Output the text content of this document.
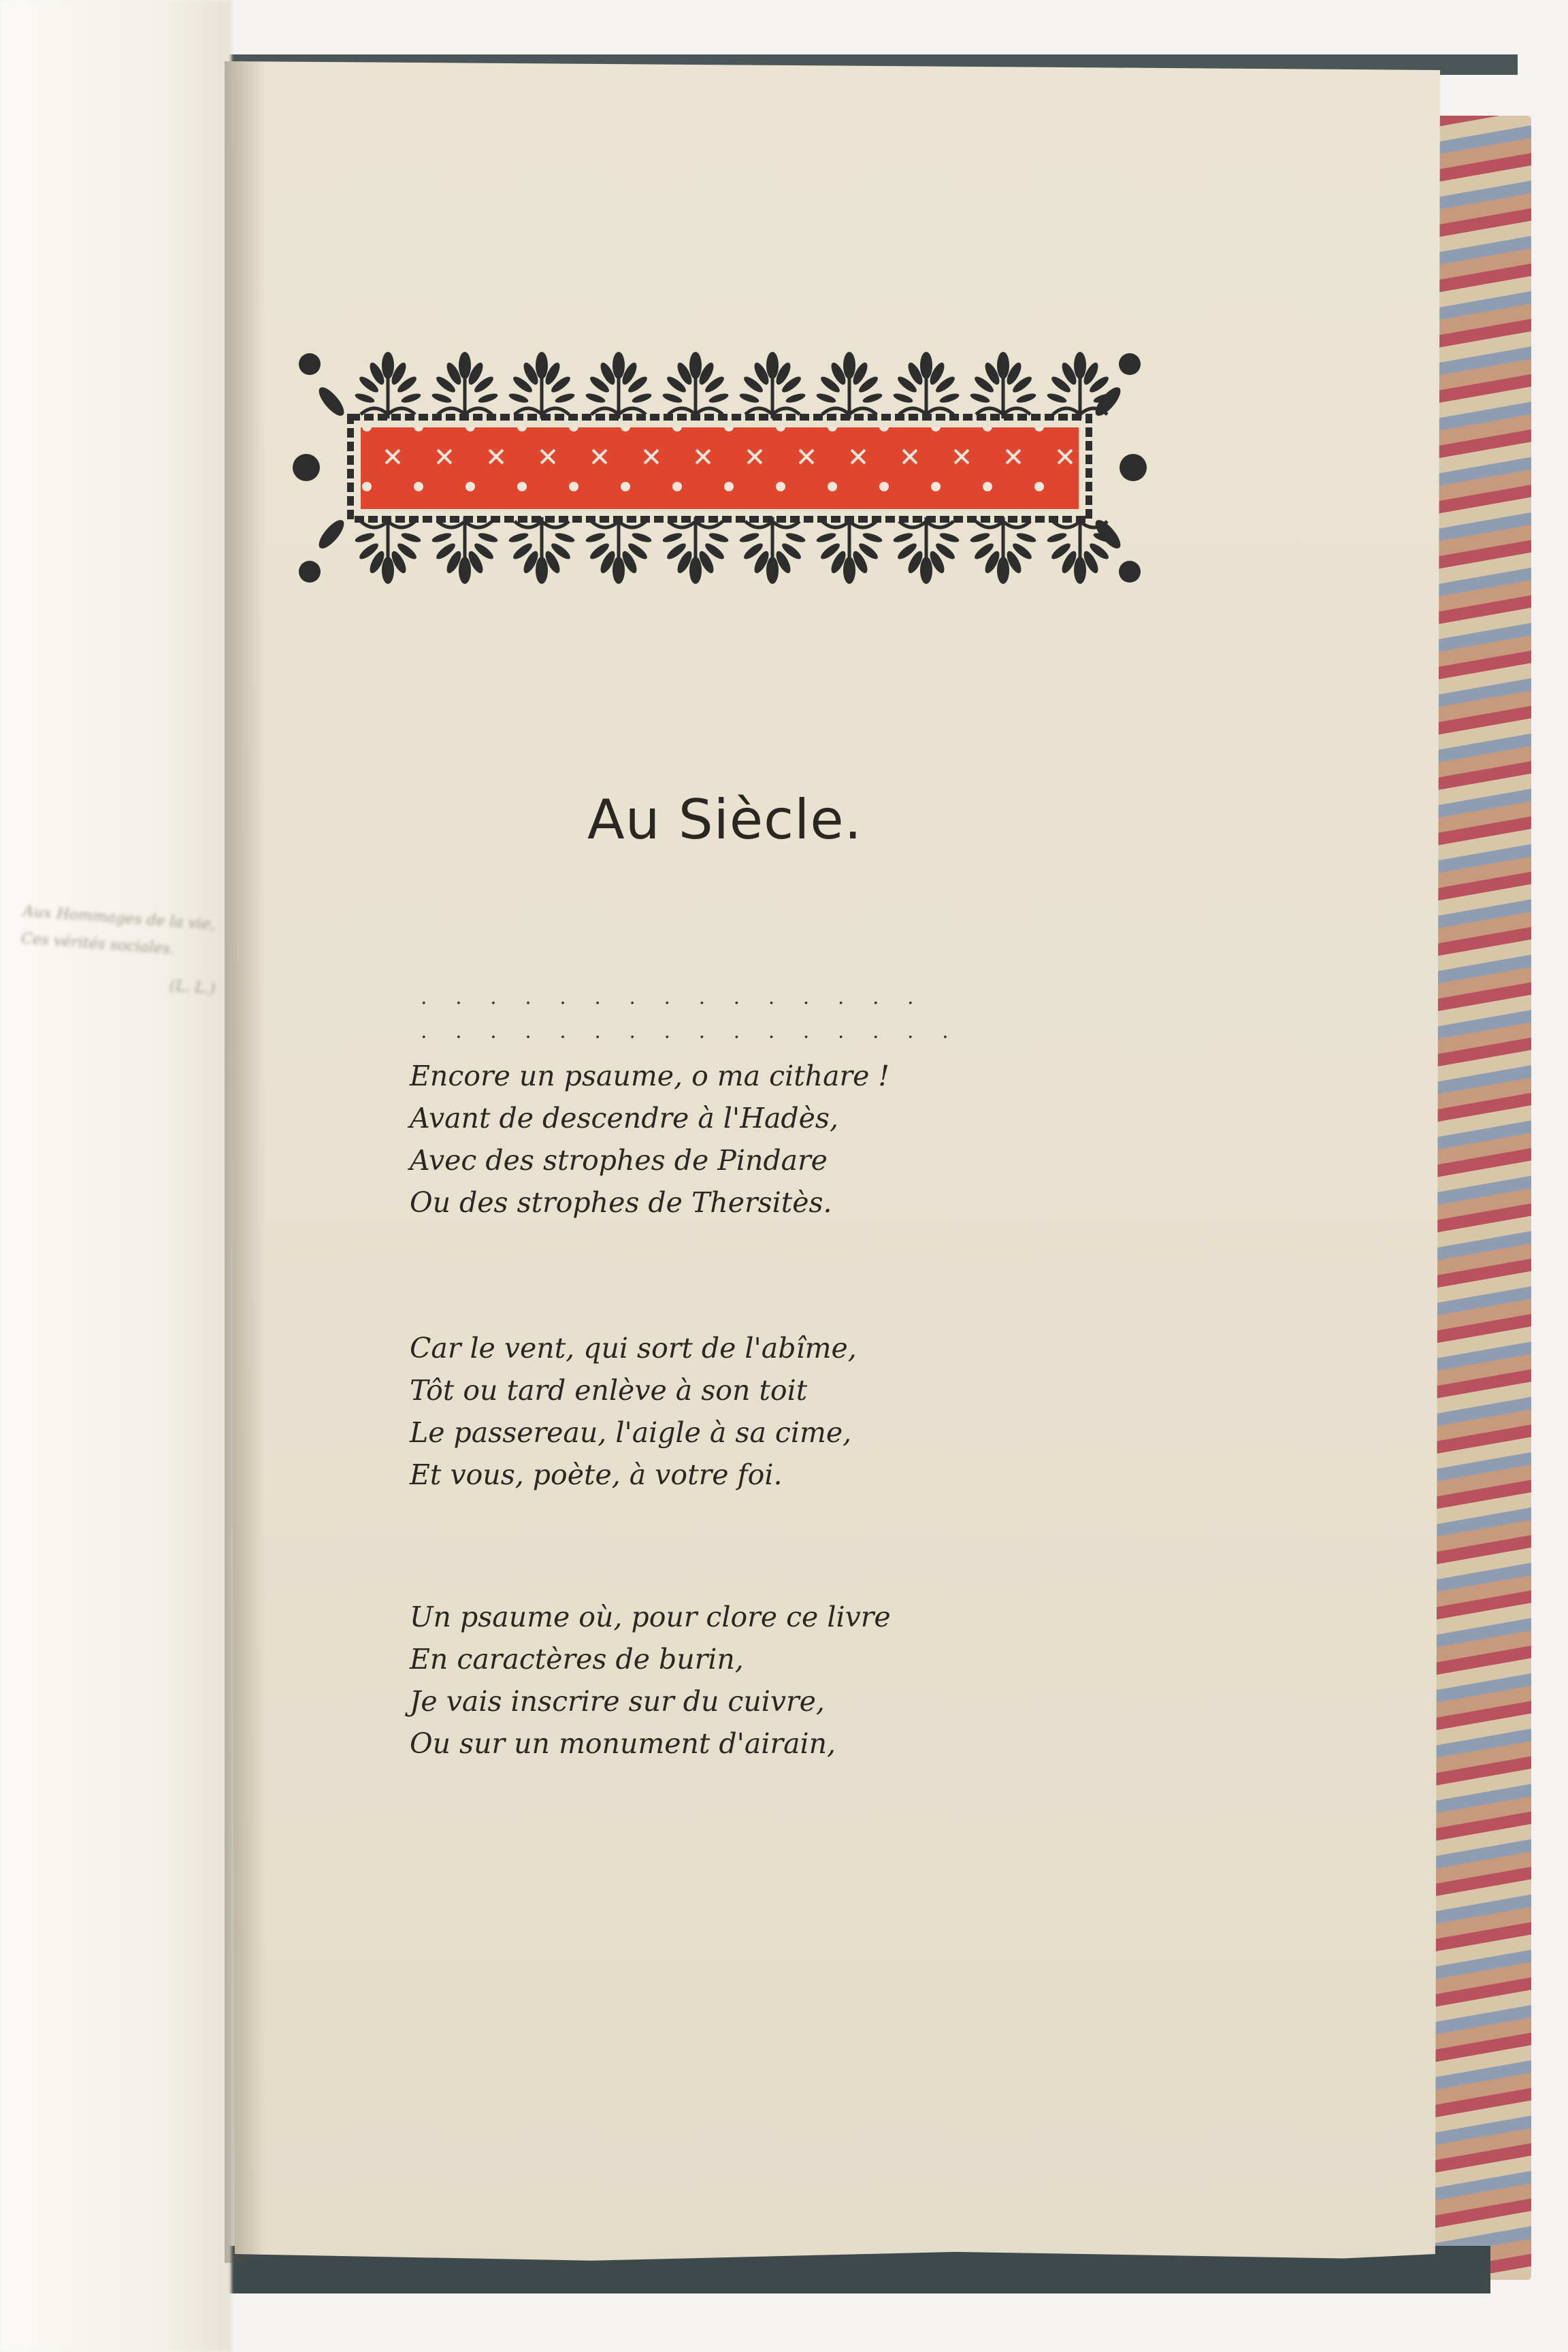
Aux Hommages de la vie,
Ces vérités sociales.
(L. L.)
Au Siècle.
. . . . . . . . . . . . . . .
. . . . . . . . . . . . . . . .
Encore un psaume, o ma cithare !
Avant de descendre à l'Hadès,
Avec des strophes de Pindare
Ou des strophes de Thersitès.
Car le vent, qui sort de l'abîme,
Tôt ou tard enlève à son toit
Le passereau, l'aigle à sa cime,
Et vous, poète, à votre foi.
Un psaume où, pour clore ce livre
En caractères de burin,
Je vais inscrire sur du cuivre,
Ou sur un monument d'airain,
